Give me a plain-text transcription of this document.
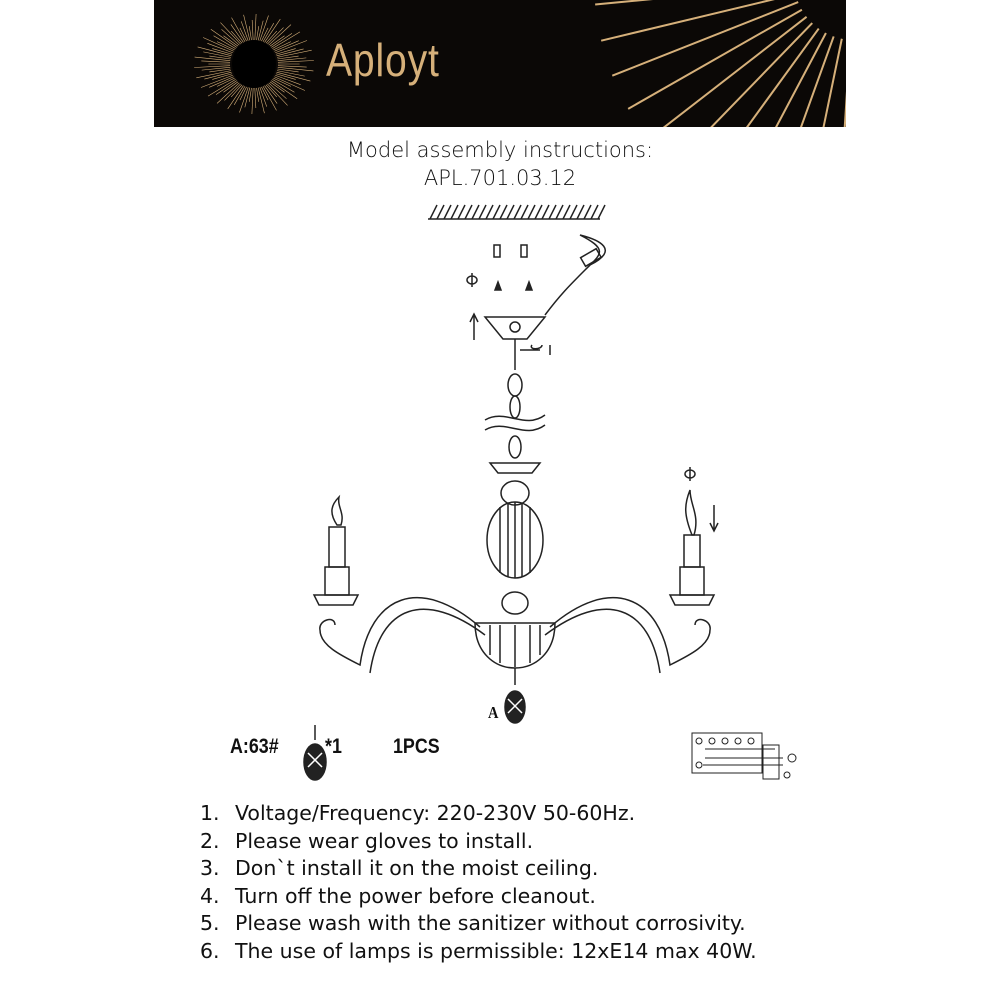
Aployt
Model assembly instructions:
APL.701.03.12
A
A:63# *1 1PCS
1. Voltage/Frequency: 220-230V 50-60Hz.
2. Please wear gloves to install.
3. Don`t install it on the moist ceiling.
4. Turn off the power before cleanout.
5. Please wash with the sanitizer without corrosivity.
6. The use of lamps is permissible: 12xE14 max 40W.
